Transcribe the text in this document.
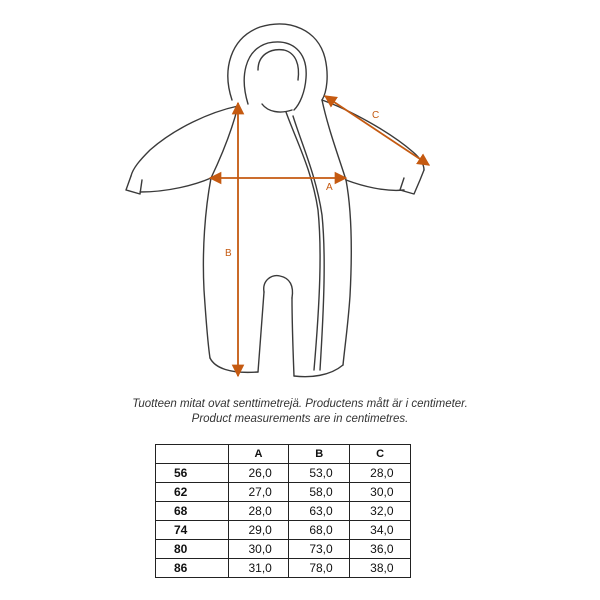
A
B
C
Tuotteen mitat ovat senttimetrejä. Productens mått är i centimeter.
Product measurements are in centimetres.
	A	B	C
56	26,0	53,0	28,0
62	27,0	58,0	30,0
68	28,0	63,0	32,0
74	29,0	68,0	34,0
80	30,0	73,0	36,0
86	31,0	78,0	38,0
